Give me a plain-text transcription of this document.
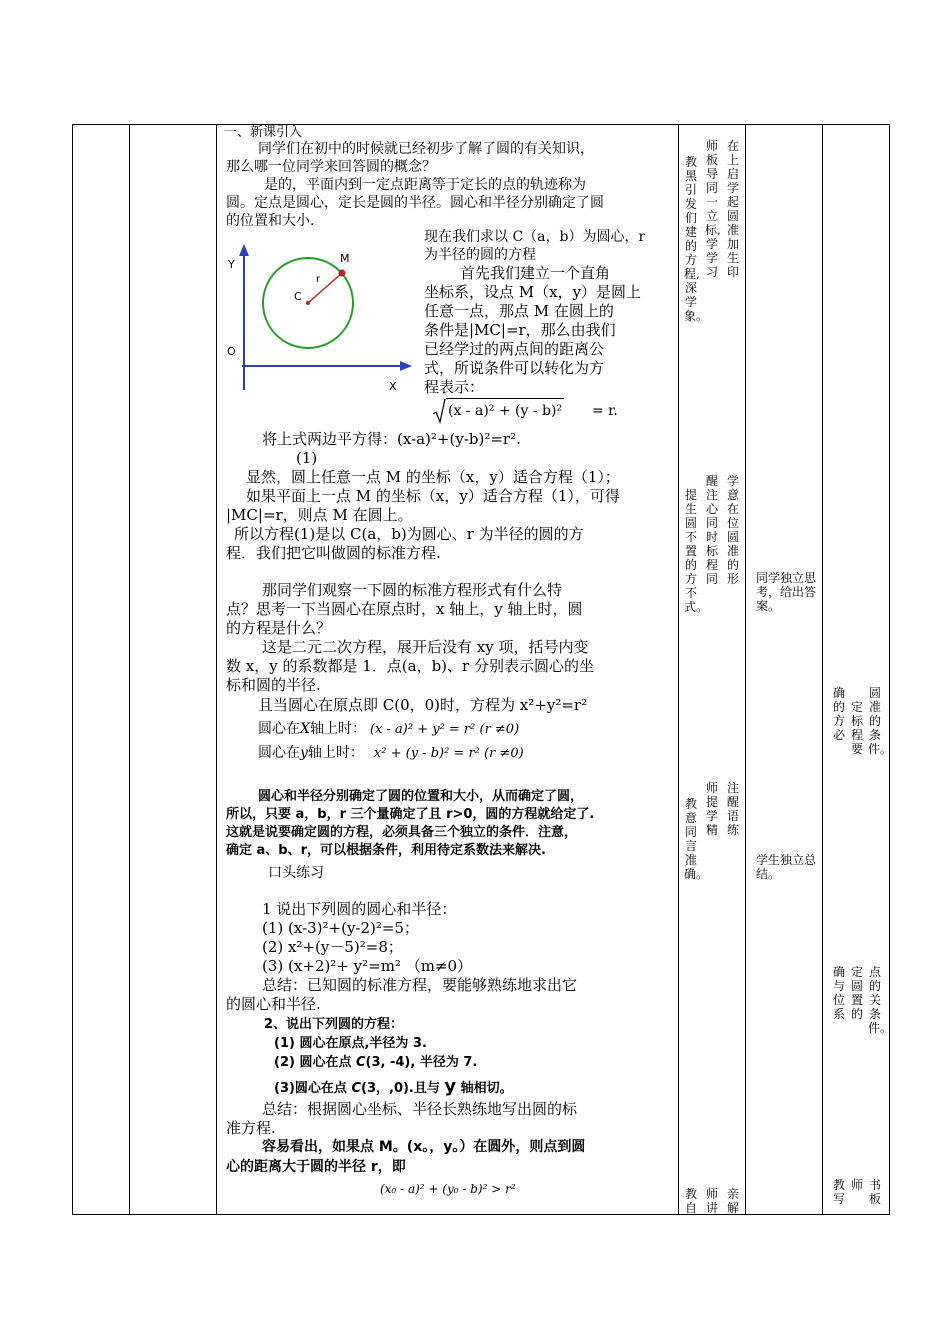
一、新课引入
同学们在初中的时候就已经初步了解了圆的有关知识，
那么哪一位同学来回答圆的概念？
是的，平面内到一定点距离等于定长的点的轨迹称为
圆。定点是圆心，定长是圆的半径。圆心和半径分别确定了圆
的位置和大小.
Y
X
O
C
M
r
现在我们求以 C（a，b）为圆心，r
为半径的圆的方程
首先我们建立一个直角
坐标系，设点 M（x，y）是圆上
任意一点，那点 M 在圆上的
条件是|MC|=r，那么由我们
已经学过的两点间的距离公
式，所说条件可以转化为方
程表示：
(x - a)² + (y - b)² = r.
将上式两边平方得：(x-a)²+(y-b)²=r².
(1)
显然，圆上任意一点 M 的坐标（x，y）适合方程（1）；
如果平面上一点 M 的坐标（x，y）适合方程（1），可得
|MC|=r，则点 M 在圆上。
所以方程(1)是以 C(a，b)为圆心、r 为半径的圆的方
程．我们把它叫做圆的标准方程.
那同学们观察一下圆的标准方程形式有什么特
点？思考一下当圆心在原点时，x 轴上，y 轴上时，圆
的方程是什么？
这是二元二次方程，展开后没有 xy 项，括号内变
数 x，y 的系数都是 1．点(a，b)、r 分别表示圆心的坐
标和圆的半径.
且当圆心在原点即 C(0，0)时，方程为 x²+y²=r²
圆心在X轴上时： (x - a)² + y² = r² (r ≠0)
圆心在y轴上时： x² + (y - b)² = r² (r ≠0)
圆心和半径分别确定了圆的位置和大小，从而确定了圆，
所以，只要 a，b，r 三个量确定了且 r>0，圆的方程就给定了.
这就是说要确定圆的方程，必须具备三个独立的条件．注意，
确定 a、b、r，可以根据条件，利用待定系数法来解决.
口头练习
1 说出下列圆的圆心和半径：
(1) (x-3)²+(y-2)²=5；
(2) x²+(y－5)²=8；
(3) (x+2)²+ y²=m² （m≠0）
总结：已知圆的标准方程，要能够熟练地求出它
的圆心和半径.
2、说出下列圆的方程：
(1) 圆心在原点,半径为 3.
(2) 圆心在点 C(3, -4), 半径为 7.
(3)圆心在点 C(3，,0).且与 y 轴相切。
总结：根据圆心坐标、半径长熟练地写出圆的标
准方程.
容易看出，如果点 M。(x。，y。）在圆外，则点到圆
心的距离大于圆的半径 r，即
(x₀ - a)² + (y₀ - b)² > r²
教黑引发们建的方程,深学象。
师板导同一立标,学学习
在上启学起圆准加生印
提生圆不置的方不式。
醒注心同时标程同
学意在位圆准的形
教意同言准确。
师提学精
注醒语练
教自
师讲
亲解
同学独立思考，给出答案。
学生独立总结。
确的方必
定标程要
圆准的条件。
确与位系
定圆置的
点的关条件。
教写
师 书板
